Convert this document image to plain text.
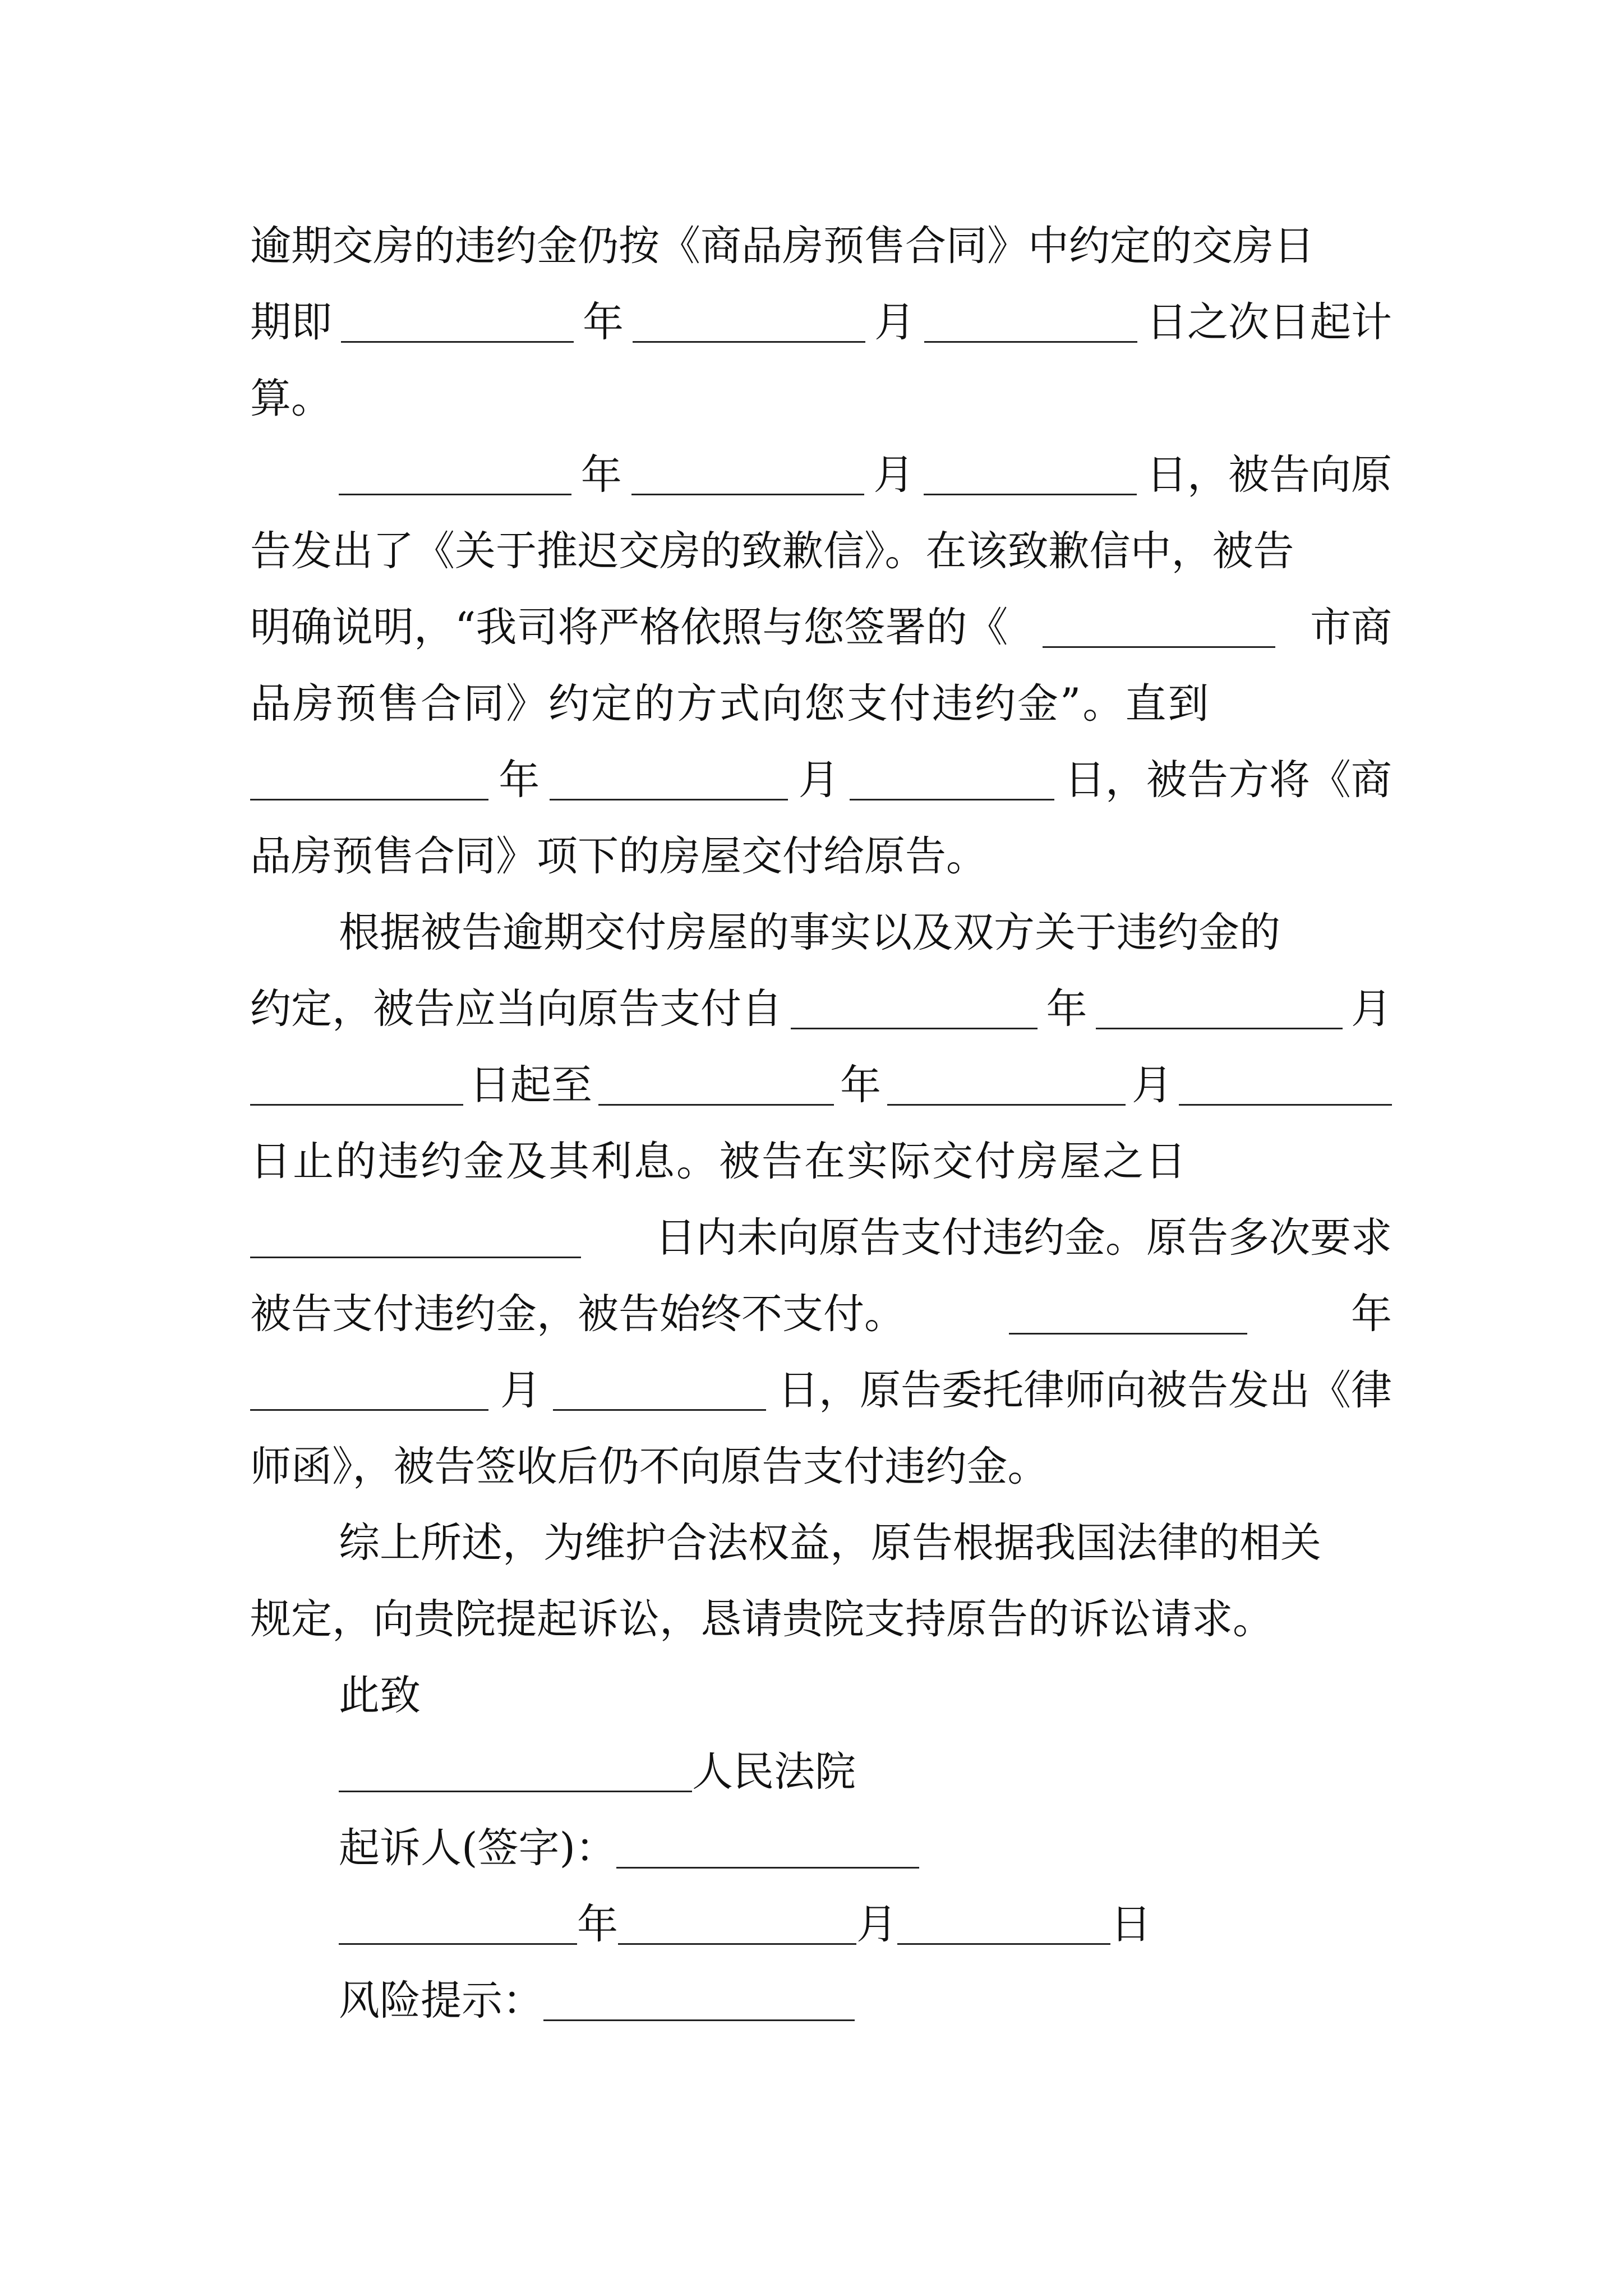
逾期交房的违约金仍按《商品房预售合同》中约定的交房日
期即	年	月	日之次日起计
算。
年	月	日，被告向原
告发出了《关于推迟交房的致歉信》。在该致歉信中，被告
明确说明，“我司将严格依照与您签署的《	市商
品房预售合同》约定的方式向您支付违约金”。直到
年	月	日，被告方将《商
品房预售合同》项下的房屋交付给原告。
根据被告逾期交付房屋的事实以及双方关于违约金的
约定，被告应当向原告支付自	年	月
日起至	年	月
日止的违约金及其利息。被告在实际交付房屋之日
日内未向原告支付违约金。原告多次要求
被告支付违约金，被告始终不支付。	年
月	日，原告委托律师向被告发出《律
师函》，被告签收后仍不向原告支付违约金。
综上所述，为维护合法权益，原告根据我国法律的相关
规定，向贵院提起诉讼，恳请贵院支持原告的诉讼请求。
此致
人民法院
起诉人(签字)：
年	月	日
风险提示：
